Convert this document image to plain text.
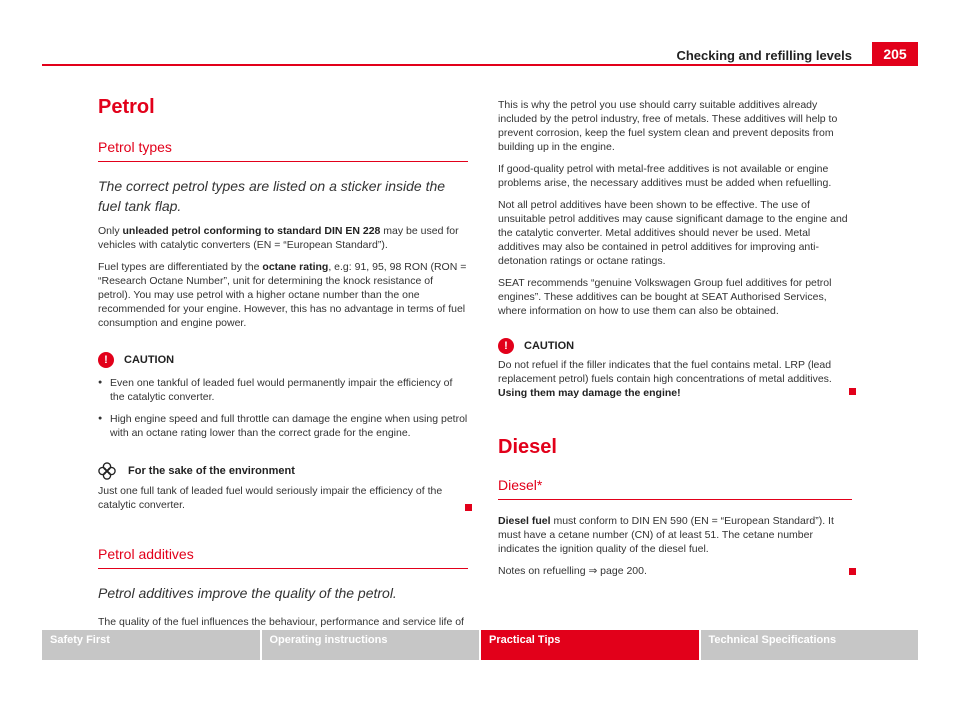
Checking and refilling levels	205
Petrol
Petrol types
The correct petrol types are listed on a sticker inside the fuel tank flap.

Only unleaded petrol conforming to standard DIN EN 228 may be used for vehicles with catalytic converters (EN = “European Standard”).

Fuel types are differentiated by the octane rating, e.g: 91, 95, 98 RON (RON = “Research Octane Number”, unit for determining the knock resistance of petrol). You may use petrol with a higher octane number than the one recommended for your engine. However, this has no advantage in terms of fuel consumption and engine power.

!	CAUTION

● Even one tankful of leaded fuel would permanently impair the efficiency of the catalytic converter.

● High engine speed and full throttle can damage the engine when using petrol with an octane rating lower than the correct grade for the engine.

For the sake of the environment

Just one full tank of leaded fuel would seriously impair the efficiency of the catalytic converter.

Petrol additives
Petrol additives improve the quality of the petrol.

The quality of the fuel influences the behaviour, performance and service life of

This is why the petrol you use should carry suitable additives already included by the petrol industry, free of metals. These additives will help to prevent corrosion, keep the fuel system clean and prevent deposits from building up in the engine.

If good-quality petrol with metal-free additives is not available or engine problems arise, the necessary additives must be added when refuelling.

Not all petrol additives have been shown to be effective. The use of unsuitable petrol additives may cause significant damage to the engine and the catalytic converter. Metal additives should never be used. Metal additives may also be contained in petrol additives for improving anti-detonation ratings or octane ratings.

SEAT recommends “genuine Volkswagen Group fuel additives for petrol engines”. These additives can be bought at SEAT Authorised Services, where information on how to use them can also be obtained.

!	CAUTION

Do not refuel if the filler indicates that the fuel contains metal. LRP (lead replacement petrol) fuels contain high concentrations of metal additives. Using them may damage the engine!

Diesel
Diesel*

Diesel fuel must conform to DIN EN 590 (EN = “European Standard”). It must have a cetane number (CN) of at least 51. The cetane number indicates the ignition quality of the diesel fuel.

Notes on refuelling ⇒ page 200.

Safety First	Operating instructions	Practical Tips	Technical Specifications
